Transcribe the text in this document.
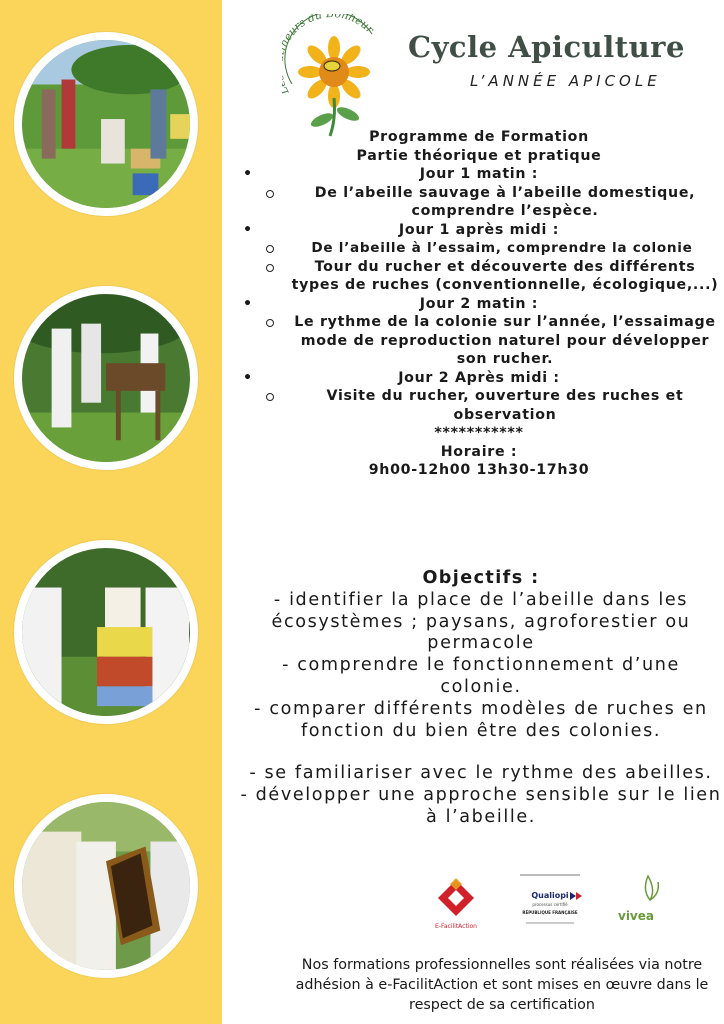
eurs du nheur
Cycle Apiculture
L’ANNÉE APICOLE
Programme de Formation
Partie théorique et pratique
•	Jour 1 matin :
De l’abeille sauvage à l’abeille domestique, comprendre l’espèce.
•	Jour 1 après midi :
De l’abeille à l’essaim, comprendre la colonie
Tour du rucher et découverte des différents types de ruches (conventionnelle, écologique,...)
•	Jour 2 matin :
Le rythme de la colonie sur l’année, l’essaimage mode de reproduction naturel pour développer son rucher.
•	Jour 2 Après midi :
Visite du rucher, ouverture des ruches et observation
***********
Horaire :
9h00-12h00 13h30-17h30
Objectifs :
- identifier la place de l’abeille dans les écosystèmes ; paysans, agroforestier ou permacole
- comprendre le fonctionnement d’une colonie.
- comparer différents modèles de ruches en fonction du bien être des colonies.
- se familiariser avec le rythme des abeilles.
- développer une approche sensible sur le lien à l’abeille.
E-FacilitAction
Qualiopi
processus certifié
RÉPUBLIQUE FRANÇAISE	vivea
Nos formations professionnelles sont réalisées via notre adhésion à e-FacilitAction et sont mises en œuvre dans le respect de sa certification
